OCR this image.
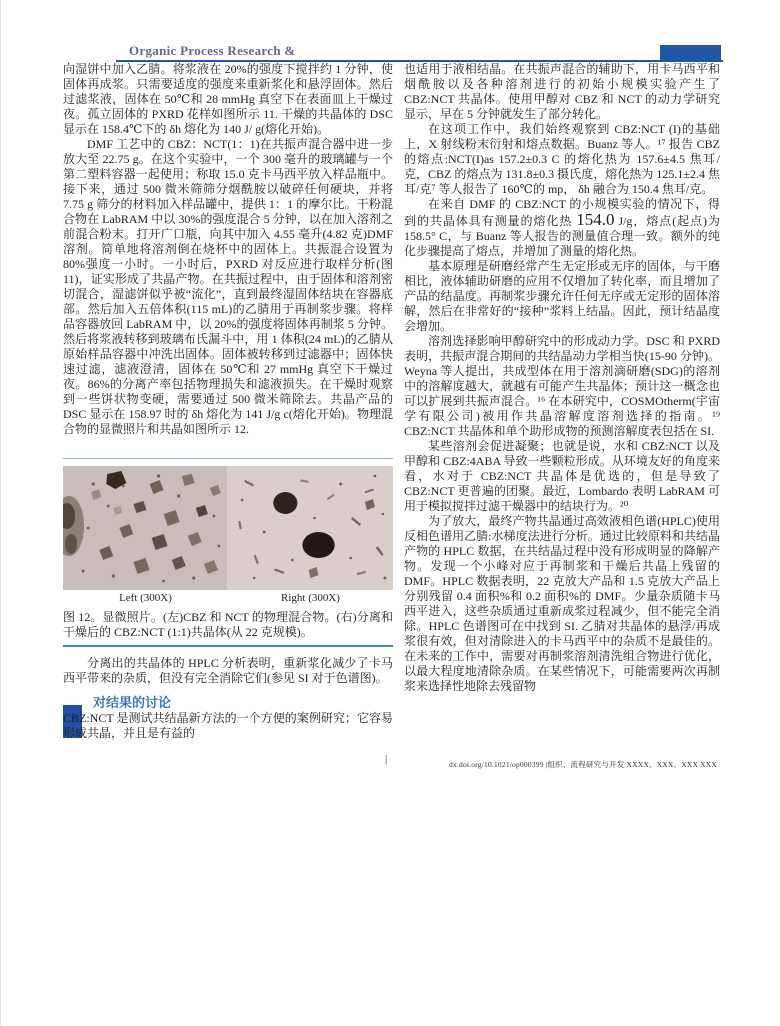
Organic Process Research &

向湿饼中加入乙腈。将浆液在 20%的强度下搅拌约 1 分钟，使固体再成浆。只需要适度的强度来重新浆化和悬浮固体。然后过滤浆液，固体在 50℃和 28 mmHg 真空下在表面皿上干燥过夜。孤立固体的 PXRD 花样如图所示 11. 干燥的共晶体的 DSC 显示在 158.4℃下的 δh 熔化为 140 J/ g(熔化开始)。

DMF 工艺中的 CBZ：NCT(1：1)在共振声混合器中进一步放大至 22.75 g。在这个实验中，一个 300 毫升的玻璃罐与一个第二塑料容器一起使用；称取 15.0 克卡马西平放入样品瓶中。接下来，通过 500 微米筛筛分烟酰胺以破碎任何硬块，并将 7.75 g 筛分的材料加入样品罐中，提供 1：1 的摩尔比。干粉混合物在 LabRAM 中以 30%的强度混合 5 分钟，以在加入溶剂之前混合粉末。打开广口瓶，向其中加入 4.55 毫升(4.82 克)DMF 溶剂。简单地将溶剂倒在烧杯中的固体上。共振混合设置为 80%强度一小时。一小时后，PXRD 对反应进行取样分析(图 11)，证实形成了共晶产物。在共振过程中，由于固体和溶剂密切混合，湿滤饼似乎被“流化”，直到最终湿固体结块在容器底部。然后加入五倍体积(115 mL)的乙腈用于再制浆步骤。将样品容器放回 LabRAM 中，以 20%的强度将固体再制浆 5 分钟。然后将浆液转移到玻璃布氏漏斗中，用 1 体积(24 mL)的乙腈从原始样品容器中冲洗出固体。固体被转移到过滤器中；固体快速过滤，滤液澄清，固体在 50℃和 27 mmHg 真空下干燥过夜。86%的分离产率包括物理损失和滤液损失。在干燥时观察到一些饼状物变硬，需要通过 500 微米筛除去。共晶产品的 DSC 显示在 158.97 时的 δh 熔化为 141 J/g c(熔化开始)。物理混合物的显微照片和共晶如图所示 12.

Left (300X)	Right (300X)

图 12。显微照片。(左)CBZ 和 NCT 的物理混合物。(右)分离和干燥后的 CBZ:NCT (1:1)共晶体(从 22 克规模)。

分离出的共晶体的 HPLC 分析表明，重新浆化减少了卡马西平带来的杂质，但没有完全消除它们(参见 SI 对于色谱图)。

对结果的讨论

CBZ:NCT 是测试共结晶新方法的一个方便的案例研究；它容易形成共晶，并且是有益的

也适用于液相结晶。在共振声混合的辅助下，用卡马西平和烟酰胺以及各种溶剂进行的初始小规模实验产生了 CBZ:NCT 共晶体。使用甲醇对 CBZ 和 NCT 的动力学研究显示，早在 5 分钟就发生了部分转化。

在这项工作中，我们始终观察到 CBZ:NCT (I)的基础上，X 射线粉末衍射和熔点数据。Buanz 等人。¹⁷ 报告 CBZ 的熔点:NCT(I)as 157.2±0.3 C 的熔化热为 157.6±4.5 焦耳/克，CBZ 的熔点为 131.8±0.3 摄氏度，熔化热为 125.1±2.4 焦耳/克⁷ 等人报告了 160℃的 mp， δh 融合为 150.4 焦耳/克。

在来自 DMF 的 CBZ:NCT 的小规模实验的情况下，得到的共晶体具有测量的熔化热 154.0 J/g，熔点(起点)为 158.5° C，与 Buanz 等人报告的测量值合理一致。额外的纯化步骤提高了熔点，并增加了测量的熔化热。

基本原理是研磨经常产生无定形或无序的固体，与干磨相比，液体辅助研磨的应用不仅增加了转化率，而且增加了产品的结晶度。再制浆步骤允许任何无序或无定形的固体溶解，然后在非常好的“接种”浆料上结晶。因此，预计结晶度会增加。

溶剂选择影响甲醇研究中的形成动力学。DSC 和 PXRD 表明，共振声混合期间的共结晶动力学相当快(15-90 分钟)。Weyna 等人提出，共成型体在用于溶剂滴研磨(SDG)的溶剂中的溶解度越大，就越有可能产生共晶体；预计这一概念也可以扩展到共振声混合。¹⁶ 在本研究中，COSMOtherm(宇宙学有限公司)被用作共晶溶解度溶剂选择的指南。¹⁹ CBZ:NCT 共晶体和单个助形成物的预测溶解度表包括在 SI.

某些溶剂会促进凝聚；也就是说，水和 CBZ:NCT 以及甲醇和 CBZ:4ABA 导致一些颗粒形成。从环境友好的角度来看，水对于 CBZ:NCT 共晶体是优选的，但是导致了 CBZ:NCT 更普遍的团聚。最近，Lombardo 表明 LabRAM 可用于模拟搅拌过滤干燥器中的结块行为。²⁰

为了放大，最终产物共晶通过高效液相色谱(HPLC)使用反相色谱用乙腈:水梯度法进行分析。通过比较原料和共结晶产物的 HPLC 数据，在共结晶过程中没有形成明显的降解产物。发现一个小峰对应于再制浆和干燥后共晶上残留的 DMF。HPLC 数据表明，22 克放大产品和 1.5 克放大产品上分别残留 0.4 面积%和 0.2 面积%的 DMF。少量杂质随卡马西平进入，这些杂质通过重新成浆过程减少，但不能完全消除。HPLC 色谱图可在中找到 SI. 乙腈对共晶体的悬浮/再成浆很有效，但对清除进入的卡马西平中的杂质不是最佳的。在未来的工作中，需要对再制浆溶剂清洗组合物进行优化，以最大程度地清除杂质。在某些情况下，可能需要两次再制浆来选择性地除去残留物

|	dx.doi.org/10.1021/op000399 |组织、流程研究与开发 XXXX、XXX、XXX XXX
